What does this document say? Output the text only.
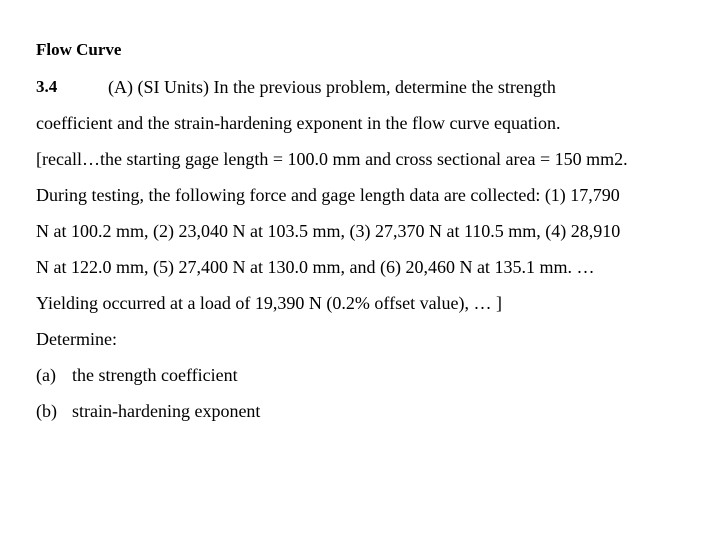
Flow Curve
3.4	(A) (SI Units) In the previous problem, determine the strength
coefficient and the strain-hardening exponent in the flow curve equation.
[recall…the starting gage length = 100.0 mm and cross sectional area = 150 mm2.
During testing, the following force and gage length data are collected: (1) 17,790
N at 100.2 mm, (2) 23,040 N at 103.5 mm, (3) 27,370 N at 110.5 mm, (4) 28,910
N at 122.0 mm, (5) 27,400 N at 130.0 mm, and (6) 20,460 N at 135.1 mm. …
Yielding occurred at a load of 19,390 N (0.2% offset value), … ]
Determine:
(a) the strength coefficient
(b) strain-hardening exponent
